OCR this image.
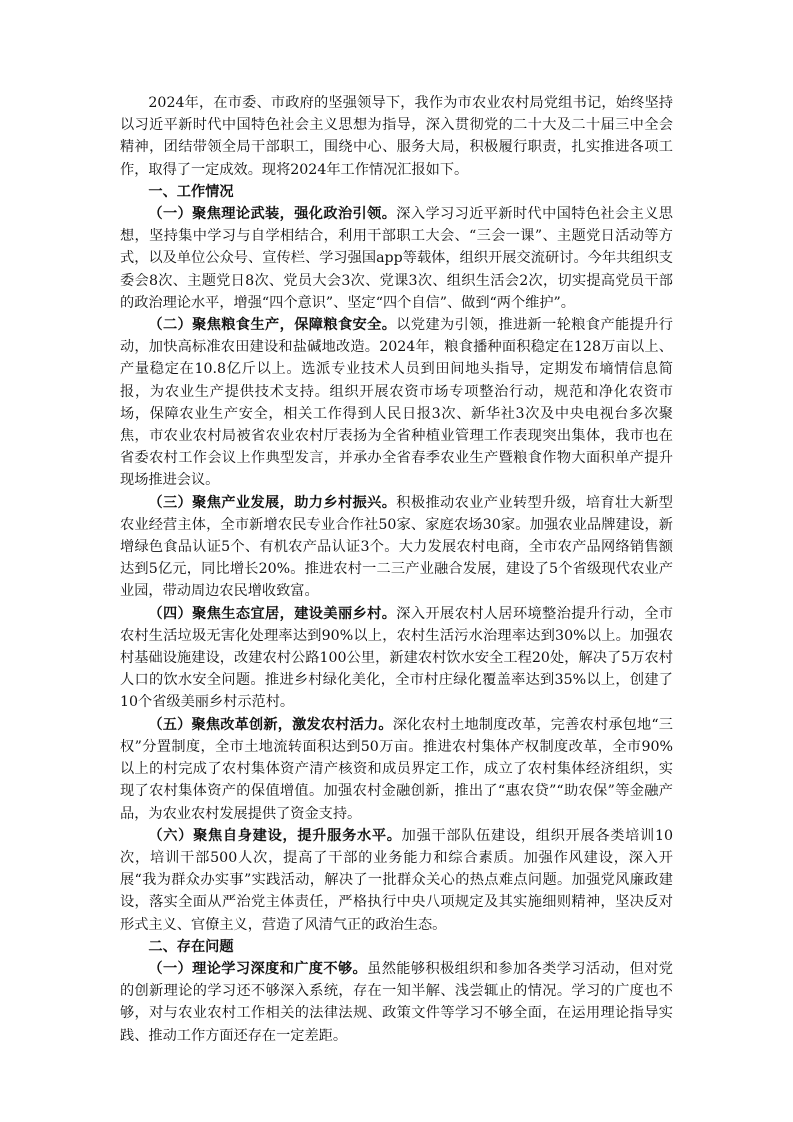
2024年，在市委、市政府的坚强领导下，我作为市农业农村局党组书记，始终坚持以习近平新时代中国特色社会主义思想为指导，深入贯彻党的二十大及二十届三中全会精神，团结带领全局干部职工，围绕中心、服务大局，积极履行职责，扎实推进各项工作，取得了一定成效。现将2024年工作情况汇报如下。

一、工作情况

（一）聚焦理论武装，强化政治引领。深入学习习近平新时代中国特色社会主义思想，坚持集中学习与自学相结合，利用干部职工大会、“三会一课”、主题党日活动等方式，以及单位公众号、宣传栏、学习强国app等载体，组织开展交流研讨。今年共组织支委会8次、主题党日8次、党员大会3次、党课3次、组织生活会2次，切实提高党员干部的政治理论水平，增强“四个意识”、坚定“四个自信”、做到“两个维护”。

（二）聚焦粮食生产，保障粮食安全。以党建为引领，推进新一轮粮食产能提升行动，加快高标准农田建设和盐碱地改造。2024年，粮食播种面积稳定在128万亩以上、产量稳定在10.8亿斤以上。选派专业技术人员到田间地头指导，定期发布墒情信息简报，为农业生产提供技术支持。组织开展农资市场专项整治行动，规范和净化农资市场，保障农业生产安全，相关工作得到人民日报3次、新华社3次及中央电视台多次聚焦，市农业农村局被省农业农村厅表扬为全省种植业管理工作表现突出集体，我市也在省委农村工作会议上作典型发言，并承办全省春季农业生产暨粮食作物大面积单产提升现场推进会议。

（三）聚焦产业发展，助力乡村振兴。积极推动农业产业转型升级，培育壮大新型农业经营主体，全市新增农民专业合作社50家、家庭农场30家。加强农业品牌建设，新增绿色食品认证5个、有机农产品认证3个。大力发展农村电商，全市农产品网络销售额达到5亿元，同比增长20%。推进农村一二三产业融合发展，建设了5个省级现代农业产业园，带动周边农民增收致富。

（四）聚焦生态宜居，建设美丽乡村。深入开展农村人居环境整治提升行动，全市农村生活垃圾无害化处理率达到90%以上，农村生活污水治理率达到30%以上。加强农村基础设施建设，改建农村公路100公里，新建农村饮水安全工程20处，解决了5万农村人口的饮水安全问题。推进乡村绿化美化，全市村庄绿化覆盖率达到35%以上，创建了10个省级美丽乡村示范村。

（五）聚焦改革创新，激发农村活力。深化农村土地制度改革，完善农村承包地“三权”分置制度，全市土地流转面积达到50万亩。推进农村集体产权制度改革，全市90%以上的村完成了农村集体资产清产核资和成员界定工作，成立了农村集体经济组织，实现了农村集体资产的保值增值。加强农村金融创新，推出了“惠农贷”“助农保”等金融产品，为农业农村发展提供了资金支持。

（六）聚焦自身建设，提升服务水平。加强干部队伍建设，组织开展各类培训10次，培训干部500人次，提高了干部的业务能力和综合素质。加强作风建设，深入开展“我为群众办实事”实践活动，解决了一批群众关心的热点难点问题。加强党风廉政建设，落实全面从严治党主体责任，严格执行中央八项规定及其实施细则精神，坚决反对形式主义、官僚主义，营造了风清气正的政治生态。

二、存在问题

（一）理论学习深度和广度不够。虽然能够积极组织和参加各类学习活动，但对党的创新理论的学习还不够深入系统，存在一知半解、浅尝辄止的情况。学习的广度也不够，对与农业农村工作相关的法律法规、政策文件等学习不够全面，在运用理论指导实践、推动工作方面还存在一定差距。
